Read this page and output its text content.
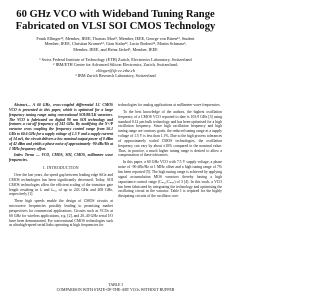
60 GHz VCO with Wideband Tuning Range Fabricated on VLSI SOI CMOS Technology
Frank Ellinger¹², Member, IEEE, Thomas Morf², Member, IEEE, George von Büren¹², Student
Member, IEEE, Christian Kromer¹², Gian Sialm¹², Lucio Rodoni¹², Martin Schmatz²,
Member, IEEE, and Heinz Jäckel¹, Member, IEEE
¹ Swiss Federal Institute of Technology (ETH) Zurich, Electronics Laboratory, Switzerland
² IBM/ETH Center for Advanced Silicon Electronics, Zurich, Switzerland,
ellinger@ife.ee.ethz.ch
³ IBM Zurich Research Laboratory, Switzerland

Abstract— A 60 GHz, cross-coupled differential LC CMOS VCO is presented in this paper, which is optimised for a large frequency tuning range using conventional SOI/BULK varactors. The VCO is fabricated on digital 90 nm SOI technology and features a cut-off frequency of 243 GHz. By modifying the N+/P varactor cross coupling the frequency control range from 56.1 GHz to 60.6 GHz for a supply voltage of 1.5 V and a supply current of 14 mA, the circuit delivers a low nominal output power of 0 dBm of 42 dBm and yields a phase noise of approximately -90 dBc/Hz at 1 MHz frequency offset.

Index Terms — VCO, CMOS, SOI, CMOS, millimeter wave frequencies.

I. INTRODUCTION

Over the last years, the speed gap between leading edge SiGe and CMOS technologies has been significantly decreased. Today, SOI CMOS technologies allow the efficient scaling of the transistor gate length resulting in fₜ and fₘₐₓ of up to 243 GHz and 208 GHz, respectively [1].

These high speeds enable the design of CMOS circuits at microwave frequencies possibly leading to promising market perspectives for commercial applications. Circuits such as VCOs at 60 GHz for wireless applications, e.g. [2], and 20–40 GHz serial I/O have been demonstrated. For conventional CMOS technologies such as ultrahigh-speed serial links operating at high frequencies for

technologies for analog applications at millimeter wave frequencies.

To the best knowledge of the authors, the highest oscillation frequency of a CMOS VCO reported to date is 103.9 GHz [3] using standard 0.12 µm bulk technology and has been optimised for a high oscillation frequency. Since high oscillation frequency and high tuning range are contrary goals, the reduced tuning range at a supply voltage of 1.5 V is less than 1.1%. Due to the high process tolerances of approximately scaled CMOS technologies, the oscillation frequency can vary by about ±10% compared to the nominal value. Thus, in practice, a much higher tuning range is desired to allow a compensation of these tolerances.

In this paper, a 60 GHz VCO with 7.5 V supply voltage, a phase noise of -90 dBc/Hz at 1 MHz offset and a high tuning range of 7% has been reported [5]. The high tuning range is achieved by applying signal accumulation MOS varactors thereby having a high capacitance control range (Cₘₐₓ/Cₘᵢₙ) of 3 [4]. In this work, a VCO has been fabricated by integrating the technology and optimising the oscillating circuit in the varactor. Table I is required for the highly dissipating circuits of the oscillator core.

TABLE I
COMPARISON WITH STATE-OF-THE-ART VCOs WITHOUT BUFFER
